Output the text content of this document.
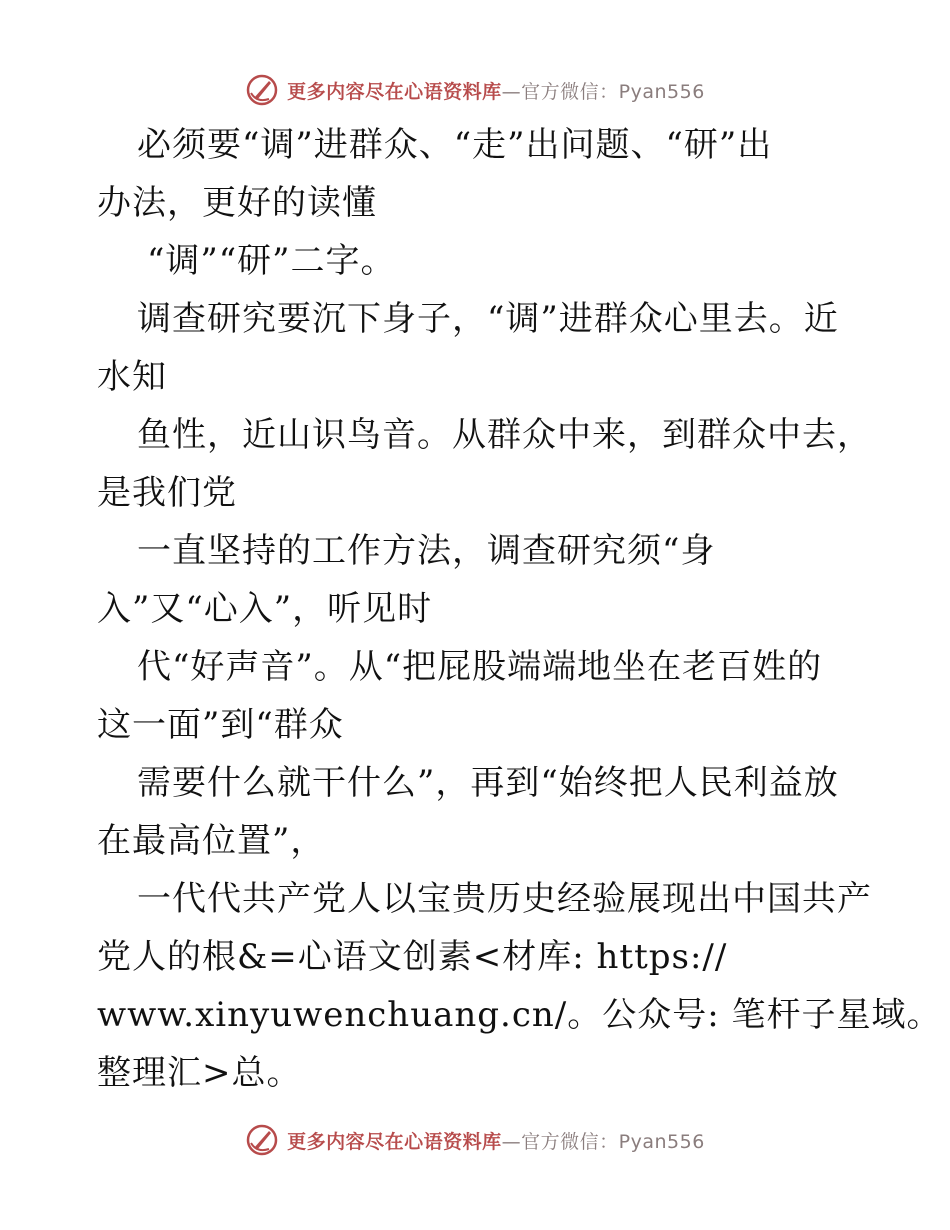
更多内容尽在心语资料库—官方微信：Pyan556
必须要“调”进群众、“走”出问题、“研”出
办法，更好的读懂
“调”“研”二字。
调查研究要沉下身子，“调”进群众心里去。近
水知
鱼性，近山识鸟音。从群众中来，到群众中去，
是我们党
一直坚持的工作方法，调查研究须“身
入”又“心入”，听见时
代“好声音”。从“把屁股端端地坐在老百姓的
这一面”到“群众
需要什么就干什么”，再到“始终把人民利益放
在最高位置”，
一代代共产党人以宝贵历史经验展现出中国共产
党人的根&=心语文创素<材库: https://
www.xinyuwenchuang.cn/。公众号: 笔杆子星域。
整理汇>总。
更多内容尽在心语资料库—官方微信：Pyan556
